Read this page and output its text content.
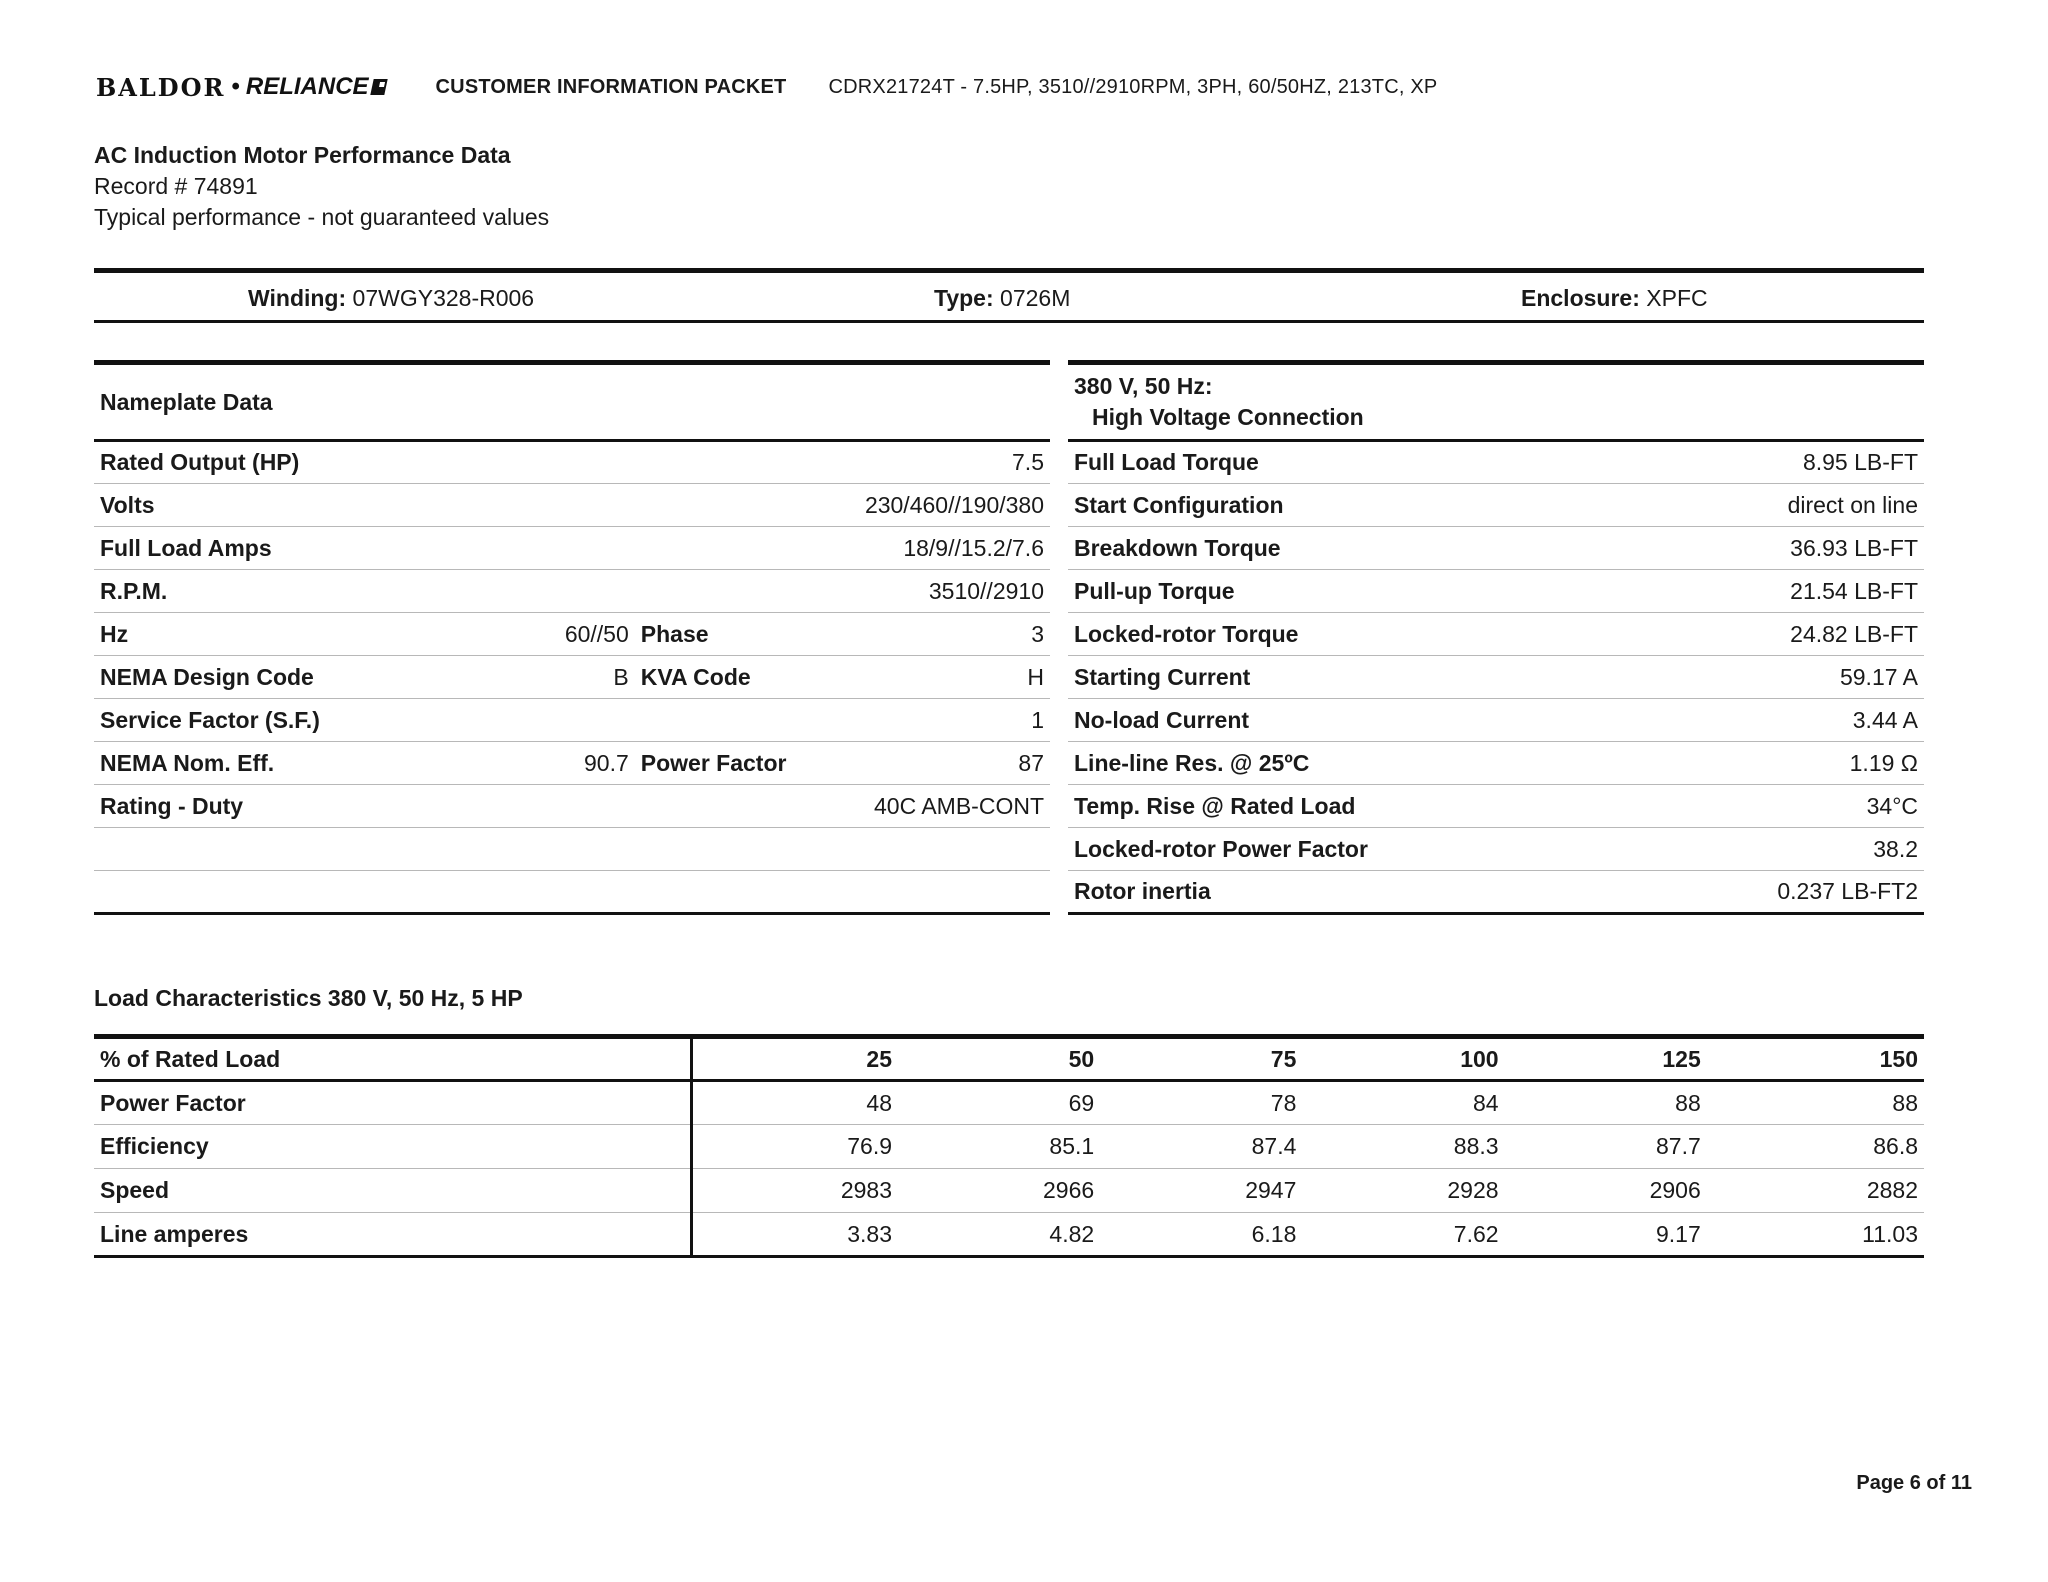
BALDOR • RELIANCE	CUSTOMER INFORMATION PACKET CDRX21724T - 7.5HP, 3510//2910RPM, 3PH, 60/50HZ, 213TC, XP
AC Induction Motor Performance Data
Record # 74891
Typical performance - not guaranteed values
Winding: 07WGY328-R006	Type: 0726M	Enclosure: XPFC
Nameplate Data			
Rated Output (HP)		7.5	
Volts		230/460//190/380	
Full Load Amps		18/9//15.2/7.6	
R.P.M.		3510//2910	
Hz	60//50	Phase	3
NEMA Design Code	B	KVA Code	H
Service Factor (S.F.)		1	
NEMA Nom. Eff.	90.7	Power Factor	87
Rating - Duty		40C AMB-CONT	

380 V, 50 Hz:
High Voltage Connection	

Full Load Torque	8.95 LB-FT
Start Configuration	direct on line
Breakdown Torque	36.93 LB-FT
Pull-up Torque	21.54 LB-FT
Locked-rotor Torque	24.82 LB-FT
Starting Current	59.17 A
No-load Current	3.44 A
Line-line Res. @ 25ºC	1.19 Ω
Temp. Rise @ Rated Load	34°C
Locked-rotor Power Factor	38.2
Rotor inertia	0.237 LB-FT2
Load Characteristics 380 V, 50 Hz, 5 HP
% of Rated Load	25	50	75	100	125	150
Power Factor	48	69	78	84	88	88
Efficiency	76.9	85.1	87.4	88.3	87.7	86.8
Speed	2983	2966	2947	2928	2906	2882
Line amperes	3.83	4.82	6.18	7.62	9.17	11.03
Page 6 of 11
